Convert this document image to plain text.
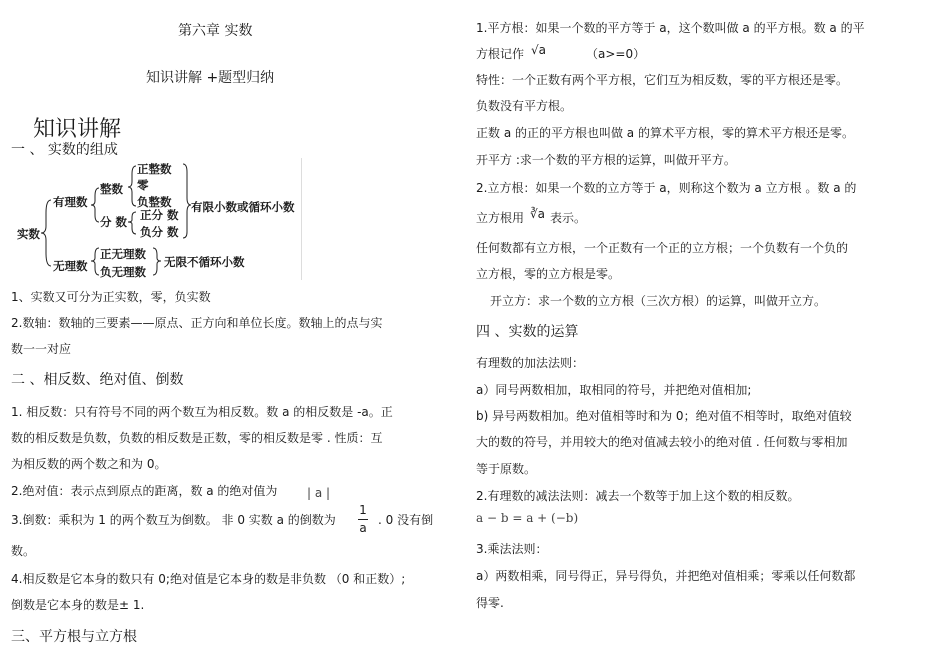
第六章 实数
知识讲解 +题型归纳
知识讲解
一 、 实数的组成
实数
有理数
整数
分 数
正整数
零
负整数
正分 数
负分 数
有限小数或循环小数
无理数
正无理数
负无理数
无限不循环小数
1、实数又可分为正实数，零，负实数
2.数轴：数轴的三要素——原点、正方向和单位长度。数轴上的点与实
数一一对应
二 、相反数、绝对值、倒数
1. 相反数：只有符号不同的两个数互为相反数。数 a 的相反数是 -a。正
数的相反数是负数，负数的相反数是正数，零的相反数是零 . 性质：互
为相反数的两个数之和为 0。
2.绝对值：表示点到原点的距离，数 a 的绝对值为 | a |
3.倒数：乘积为 1 的两个数互为倒数。 非 0 实数 a 的倒数为
1
a
. 0 没有倒
数。
4.相反数是它本身的数只有 0;绝对值是它本身的数是非负数 （0 和正数）;
倒数是它本身的数是± 1.
三、平方根与立方根
1.平方根：如果一个数的平方等于 a，这个数叫做 a 的平方根。数 a 的平
方根记作 √a	（a>=0）
特性：一个正数有两个平方根，它们互为相反数，零的平方根还是零。
负数没有平方根。
正数 a 的正的平方根也叫做 a 的算术平方根，零的算术平方根还是零。
开平方 :求一个数的平方根的运算，叫做开平方。
2.立方根：如果一个数的立方等于 a，则称这个数为 a 立方根 。数 a 的
立方根用 ∛a 表示。
任何数都有立方根，一个正数有一个正的立方根；一个负数有一个负的
立方根，零的立方根是零。
开立方：求一个数的立方根（三次方根）的运算，叫做开立方。
四 、实数的运算
有理数的加法法则：
a）同号两数相加，取相同的符号，并把绝对值相加;
b) 异号两数相加。绝对值相等时和为 0；绝对值不相等时，取绝对值较
大的数的符号，并用较大的绝对值减去较小的绝对值 . 任何数与零相加
等于原数。
2.有理数的减法法则：减去一个数等于加上这个数的相反数。
a − b = a + (−b)
3.乘法法则：
a）两数相乘，同号得正，异号得负，并把绝对值相乘；零乘以任何数都
得零.
